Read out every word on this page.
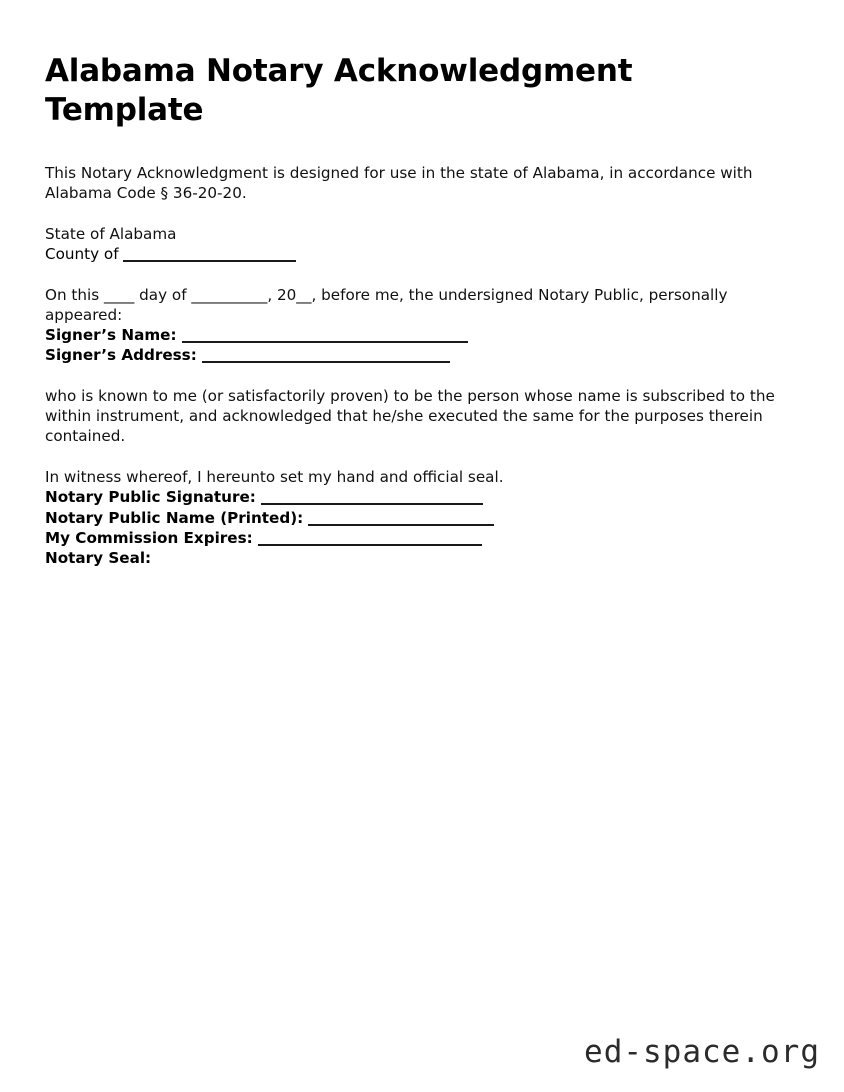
Alabama Notary Acknowledgment Template

This Notary Acknowledgment is designed for use in the state of Alabama, in accordance with Alabama Code § 36-20-20.

State of Alabama

County of

On this ____ day of __________, 20__, before me, the undersigned Notary Public, personally appeared:

Signer’s Name:

Signer’s Address:

who is known to me (or satisfactorily proven) to be the person whose name is subscribed to the within instrument, and acknowledged that he/she executed the same for the purposes therein contained.

In witness whereof, I hereunto set my hand and official seal.

Notary Public Signature:

Notary Public Name (Printed):

My Commission Expires:

Notary Seal:

ed-space.org
